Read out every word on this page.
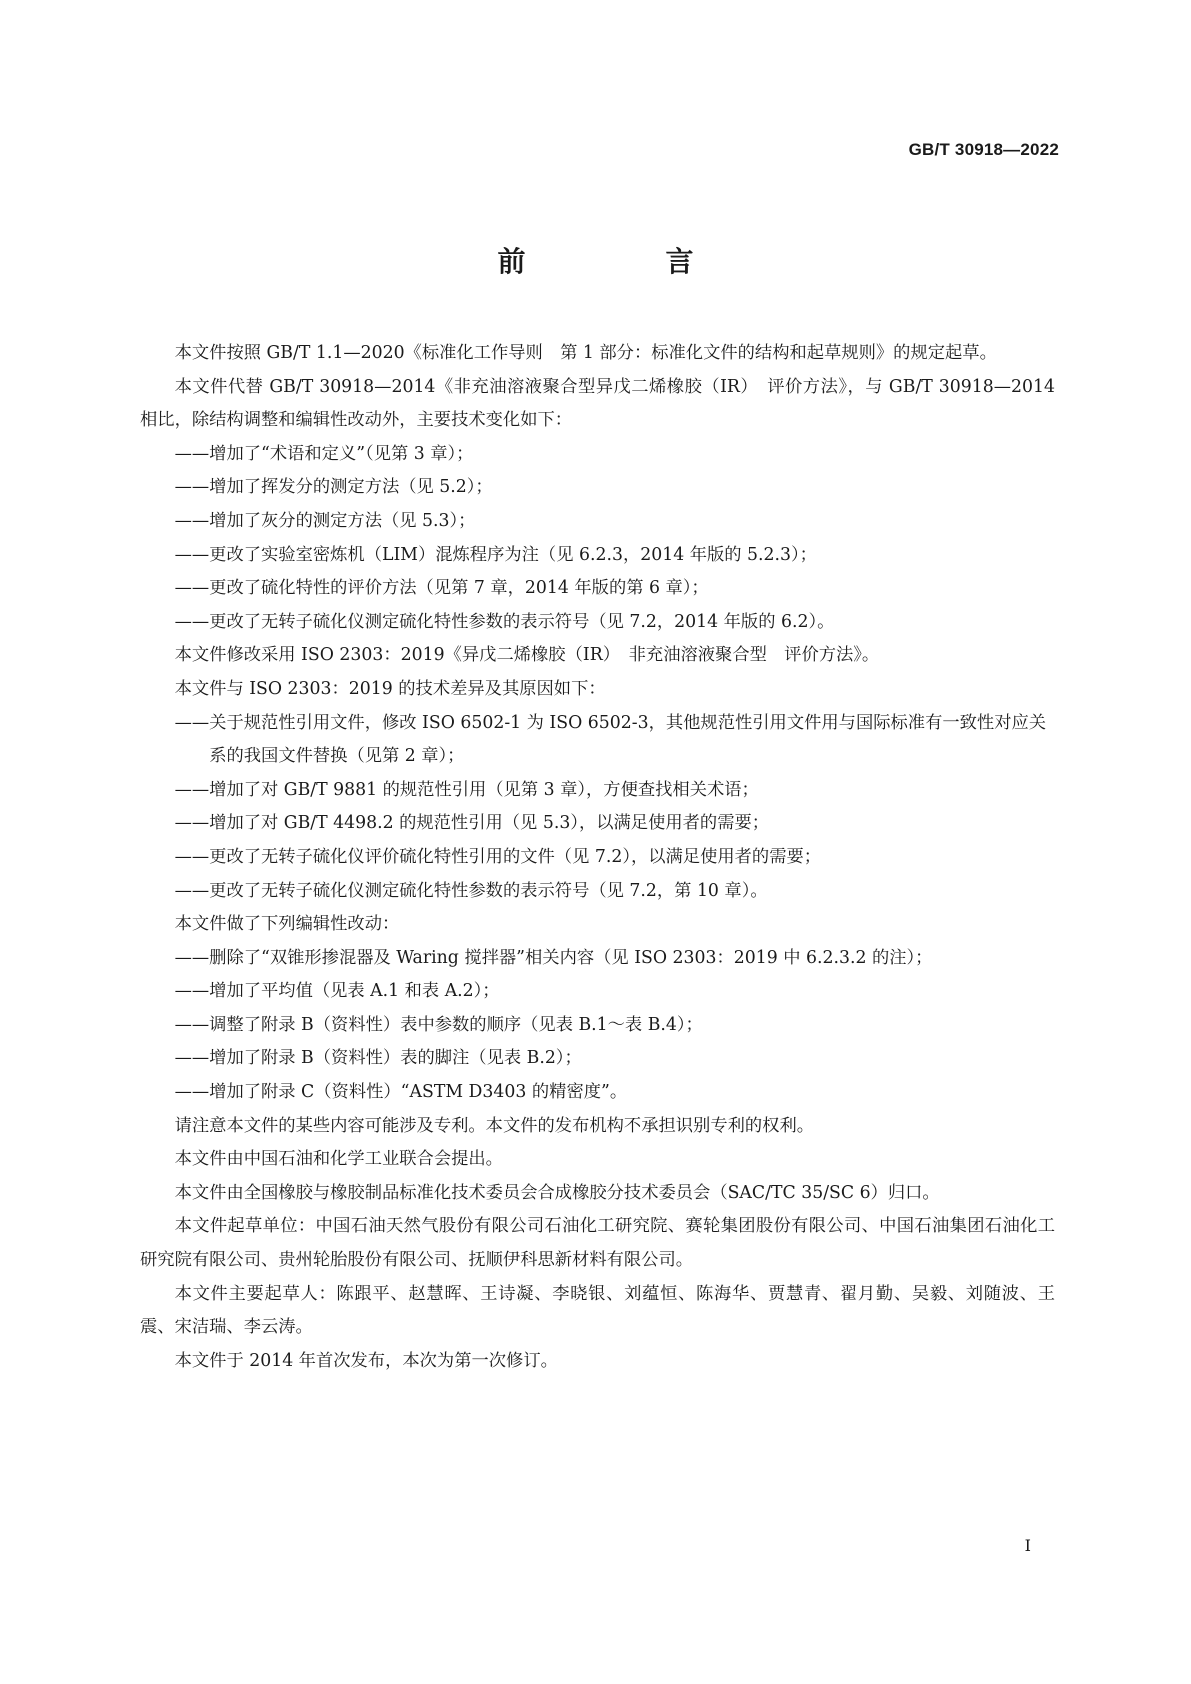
GB/T 30918—2022
前　言

本文件按照 GB/T 1.1—2020《标准化工作导则　第 1 部分：标准化文件的结构和起草规则》的规定起草。

本文件代替 GB/T 30918—2014《非充油溶液聚合型异戊二烯橡胶（IR）　评价方法》，与 GB/T 30918—2014 相比，除结构调整和编辑性改动外，主要技术变化如下：

——增加了“术语和定义”（见第 3 章）；

——增加了挥发分的测定方法（见 5.2）；

——增加了灰分的测定方法（见 5.3）；

——更改了实验室密炼机（LIM）混炼程序为注（见 6.2.3，2014 年版的 5.2.3）；

——更改了硫化特性的评价方法（见第 7 章，2014 年版的第 6 章）；

——更改了无转子硫化仪测定硫化特性参数的表示符号（见 7.2，2014 年版的 6.2）。

本文件修改采用 ISO 2303：2019《异戊二烯橡胶（IR）　非充油溶液聚合型　评价方法》。

本文件与 ISO 2303：2019 的技术差异及其原因如下：

——关于规范性引用文件，修改 ISO 6502-1 为 ISO 6502-3，其他规范性引用文件用与国际标准有一致性对应关系的我国文件替换（见第 2 章）；

——增加了对 GB/T 9881 的规范性引用（见第 3 章），方便查找相关术语；

——增加了对 GB/T 4498.2 的规范性引用（见 5.3），以满足使用者的需要；

——更改了无转子硫化仪评价硫化特性引用的文件（见 7.2），以满足使用者的需要；

——更改了无转子硫化仪测定硫化特性参数的表示符号（见 7.2，第 10 章）。

本文件做了下列编辑性改动：

——删除了“双锥形掺混器及 Waring 搅拌器”相关内容（见 ISO 2303：2019 中 6.2.3.2 的注）；

——增加了平均值（见表 A.1 和表 A.2）；

——调整了附录 B（资料性）表中参数的顺序（见表 B.1～表 B.4）；

——增加了附录 B（资料性）表的脚注（见表 B.2）；

——增加了附录 C（资料性）“ASTM D3403 的精密度”。

请注意本文件的某些内容可能涉及专利。本文件的发布机构不承担识别专利的权利。

本文件由中国石油和化学工业联合会提出。

本文件由全国橡胶与橡胶制品标准化技术委员会合成橡胶分技术委员会（SAC/TC 35/SC 6）归口。

本文件起草单位：中国石油天然气股份有限公司石油化工研究院、赛轮集团股份有限公司、中国石油集团石油化工研究院有限公司、贵州轮胎股份有限公司、抚顺伊科思新材料有限公司。

本文件主要起草人：陈跟平、赵慧晖、王诗凝、李晓银、刘蕴恒、陈海华、贾慧青、翟月勤、吴毅、刘随波、王震、宋洁瑞、李云涛。

本文件于 2014 年首次发布，本次为第一次修订。

I
